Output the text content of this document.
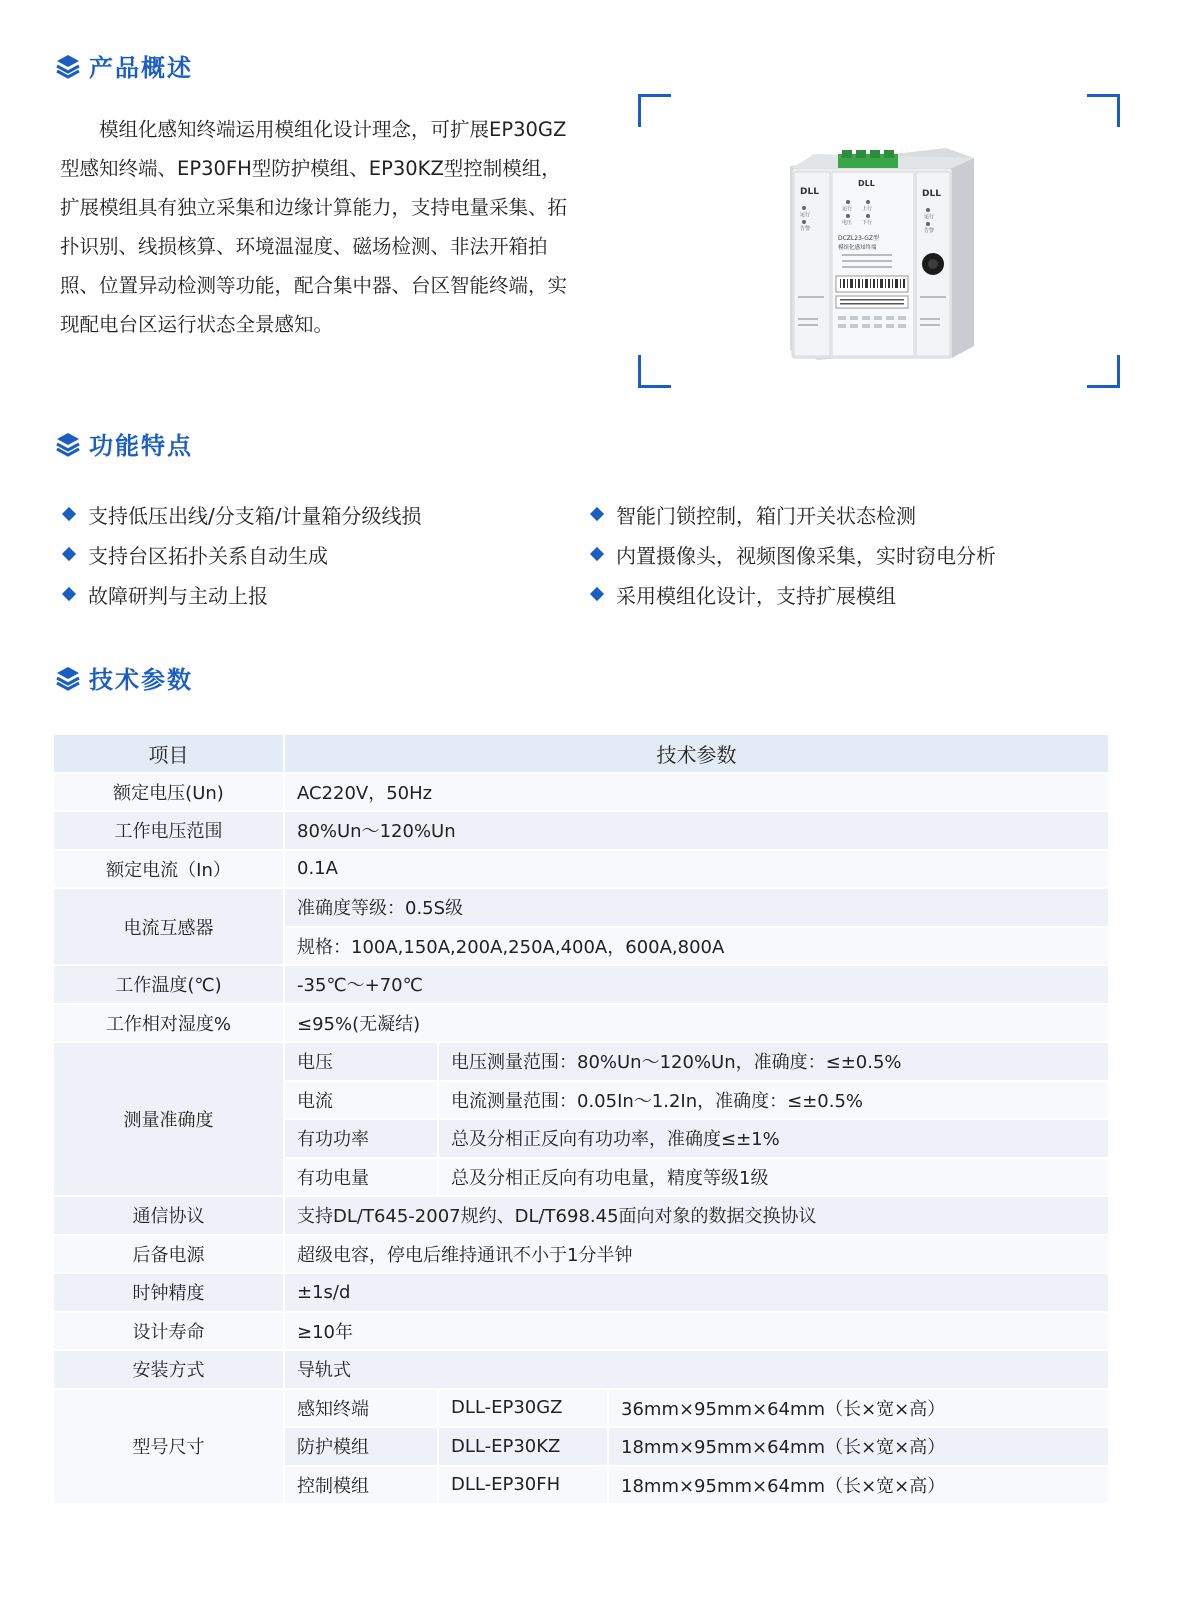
产品概述

模组化感知终端运用模组化设计理念，可扩展EP30GZ型感知终端、EP30FH型防护模组、EP30KZ型控制模组，扩展模组具有独立采集和边缘计算能力，支持电量采集、拓扑识别、线损核算、环境温湿度、磁场检测、非法开箱拍照、位置异动检测等功能，配合集中器、台区智能终端，实现配电台区运行状态全景感知。

DLL	DLL
DLL
运行
告警
运行 上行
电压 下行
DCZL23-GZ型
模组化感知终端
运行
告警
功能特点
支持低压出线/分支箱/计量箱分级线损
支持台区拓扑关系自动生成
故障研判与主动上报
智能门锁控制，箱门开关状态检测
内置摄像头，视频图像采集，实时窃电分析
采用模组化设计，支持扩展模组
技术参数
项目	技术参数		
额定电压(Un)	AC220V，50Hz		
工作电压范围	80%Un～120%Un		
额定电流（In）	0.1A		
电流互感器	准确度等级：0.5S级		
	规格：100A,150A,200A,250A,400A，600A,800A		
工作温度(℃)	-35℃～+70℃		
工作相对湿度%	≤95%(无凝结)		
测量准确度	电压	电压测量范围：80%Un～120%Un，准确度：≤±0.5%	
	电流	电流测量范围：0.05In～1.2In，准确度：≤±0.5%	
	有功功率	总及分相正反向有功功率，准确度≤±1%	
	有功电量	总及分相正反向有功电量，精度等级1级	
通信协议	支持DL/T645-2007规约、DL/T698.45面向对象的数据交换协议		
后备电源	超级电容，停电后维持通讯不小于1分半钟		
时钟精度	±1s/d		
设计寿命	≥10年		
安装方式	导轨式		
型号尺寸	感知终端	DLL-EP30GZ	36mm×95mm×64mm（长×宽×高）
	防护模组	DLL-EP30KZ	18mm×95mm×64mm（长×宽×高）
	控制模组	DLL-EP30FH	18mm×95mm×64mm（长×宽×高）
